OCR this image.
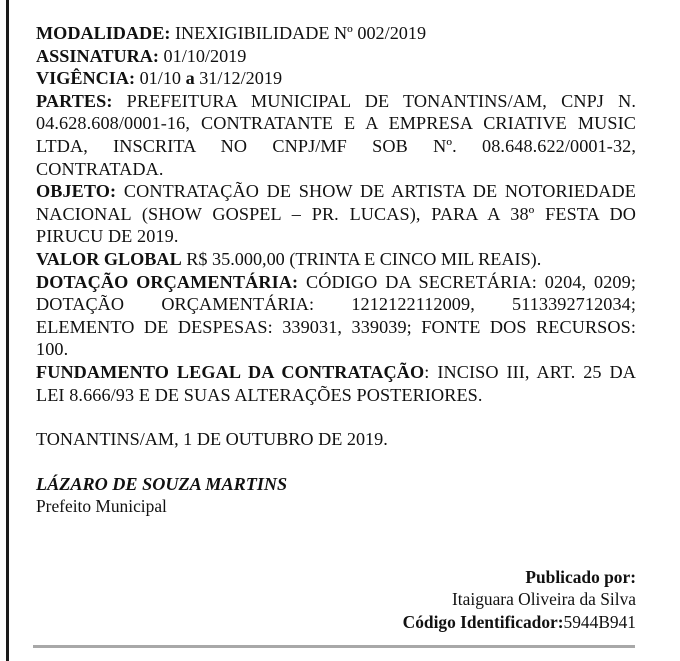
MODALIDADE: INEXIGIBILIDADE Nº 002/2019

ASSINATURA: 01/10/2019

VIGÊNCIA: 01/10 a 31/12/2019

PARTES: PREFEITURA MUNICIPAL DE TONANTINS/AM, CNPJ N. 04.628.608/0001-16, CONTRATANTE E A EMPRESA CRIATIVE MUSIC LTDA, INSCRITA NO CNPJ/MF SOB Nº. 08.648.622/0001-32, CONTRATADA.

OBJETO: CONTRATAÇÃO DE SHOW DE ARTISTA DE NOTORIEDADE NACIONAL (SHOW GOSPEL – PR. LUCAS), PARA A 38º FESTA DO PIRUCU DE 2019.

VALOR GLOBAL R$ 35.000,00 (TRINTA E CINCO MIL REAIS).

DOTAÇÃO ORÇAMENTÁRIA: CÓDIGO DA SECRETÁRIA: 0204, 0209; DOTAÇÃO ORÇAMENTÁRIA: 1212122112009, 5113392712034; ELEMENTO DE DESPESAS: 339031, 339039; FONTE DOS RECURSOS: 100.

FUNDAMENTO LEGAL DA CONTRATAÇÃO: INCISO III, ART. 25 DA LEI 8.666/93 E DE SUAS ALTERAÇÕES POSTERIORES.

TONANTINS/AM, 1 DE OUTUBRO DE 2019.

LÁZARO DE SOUZA MARTINS

Prefeito Municipal

Publicado por:

Itaiguara Oliveira da Silva

Código Identificador:5944B941
